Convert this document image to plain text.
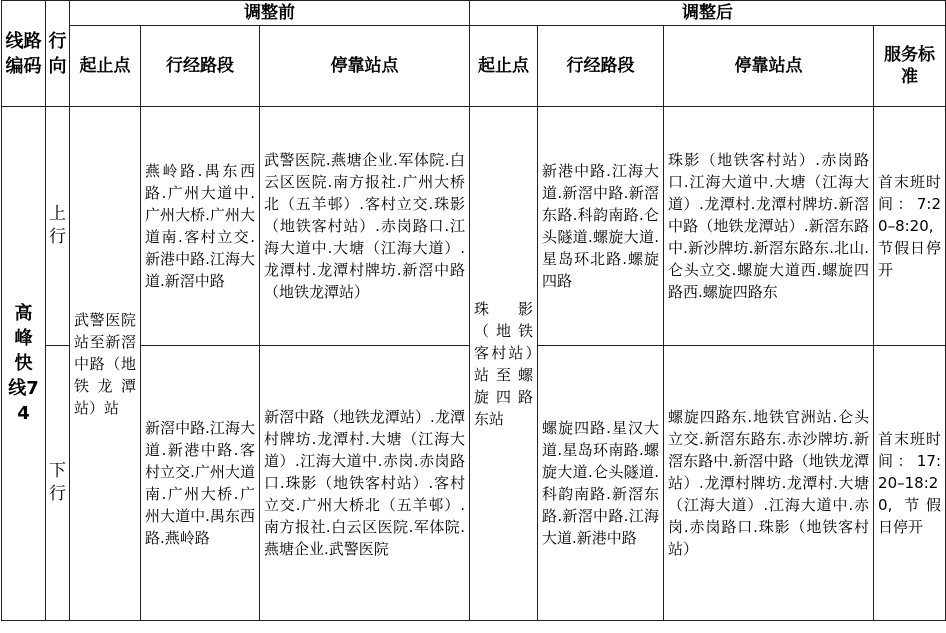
线路编码	行向	调整前			调整后			
		起止点	行经路段	停靠站点	起止点	行经路段	停靠站点	服务标准
高峰快线74	上行	武警医院站至新滘中路（地铁龙潭站）站	燕岭路.禺东西路.广州大道中.广州大桥.广州大道南.客村立交.新港中路.江海大道.新滘中路	武警医院.燕塘企业.军体院.白云区医院.南方报社.广州大桥北（五羊邨）.客村立交.珠影（地铁客村站）.赤岗路口.江海大道中.大塘（江海大道）.龙潭村.龙潭村牌坊.新滘中路（地铁龙潭站）	珠影（地铁客村站）站至螺旋四路东站	新港中路.江海大道.新滘中路.新滘东路.科韵南路.仑头隧道.螺旋大道.星岛环北路.螺旋四路	珠影（地铁客村站）.赤岗路口.江海大道中.大塘（江海大道）.龙潭村.龙潭村牌坊.新滘中路（地铁龙潭站）.新滘东路中.新沙牌坊.新滘东路东.北山.仑头立交.螺旋大道西.螺旋四路西.螺旋四路东	首末班时间：7:20–8:20, 节假日停开
	下行		新滘中路.江海大道.新港中路.客村立交.广州大道南.广州大桥.广州大道中.禺东西路.燕岭路	新滘中路（地铁龙潭站）.龙潭村牌坊.龙潭村.大塘（江海大道）.江海大道中.赤岗.赤岗路口.珠影（地铁客村站）.客村立交.广州大桥北（五羊邨）.南方报社.白云区医院.军体院.燕塘企业.武警医院		螺旋四路.星汉大道.星岛环南路.螺旋大道.仑头隧道.科韵南路.新滘东路.新滘中路.江海大道.新港中路	螺旋四路东.地铁官洲站.仑头立交.新滘东路东.赤沙牌坊.新滘东路中.新滘中路（地铁龙潭站）.龙潭村牌坊.龙潭村.大塘（江海大道）.江海大道中.赤岗.赤岗路口.珠影（地铁客村站）	首末班时间：17:20–18:20, 节假日停开
